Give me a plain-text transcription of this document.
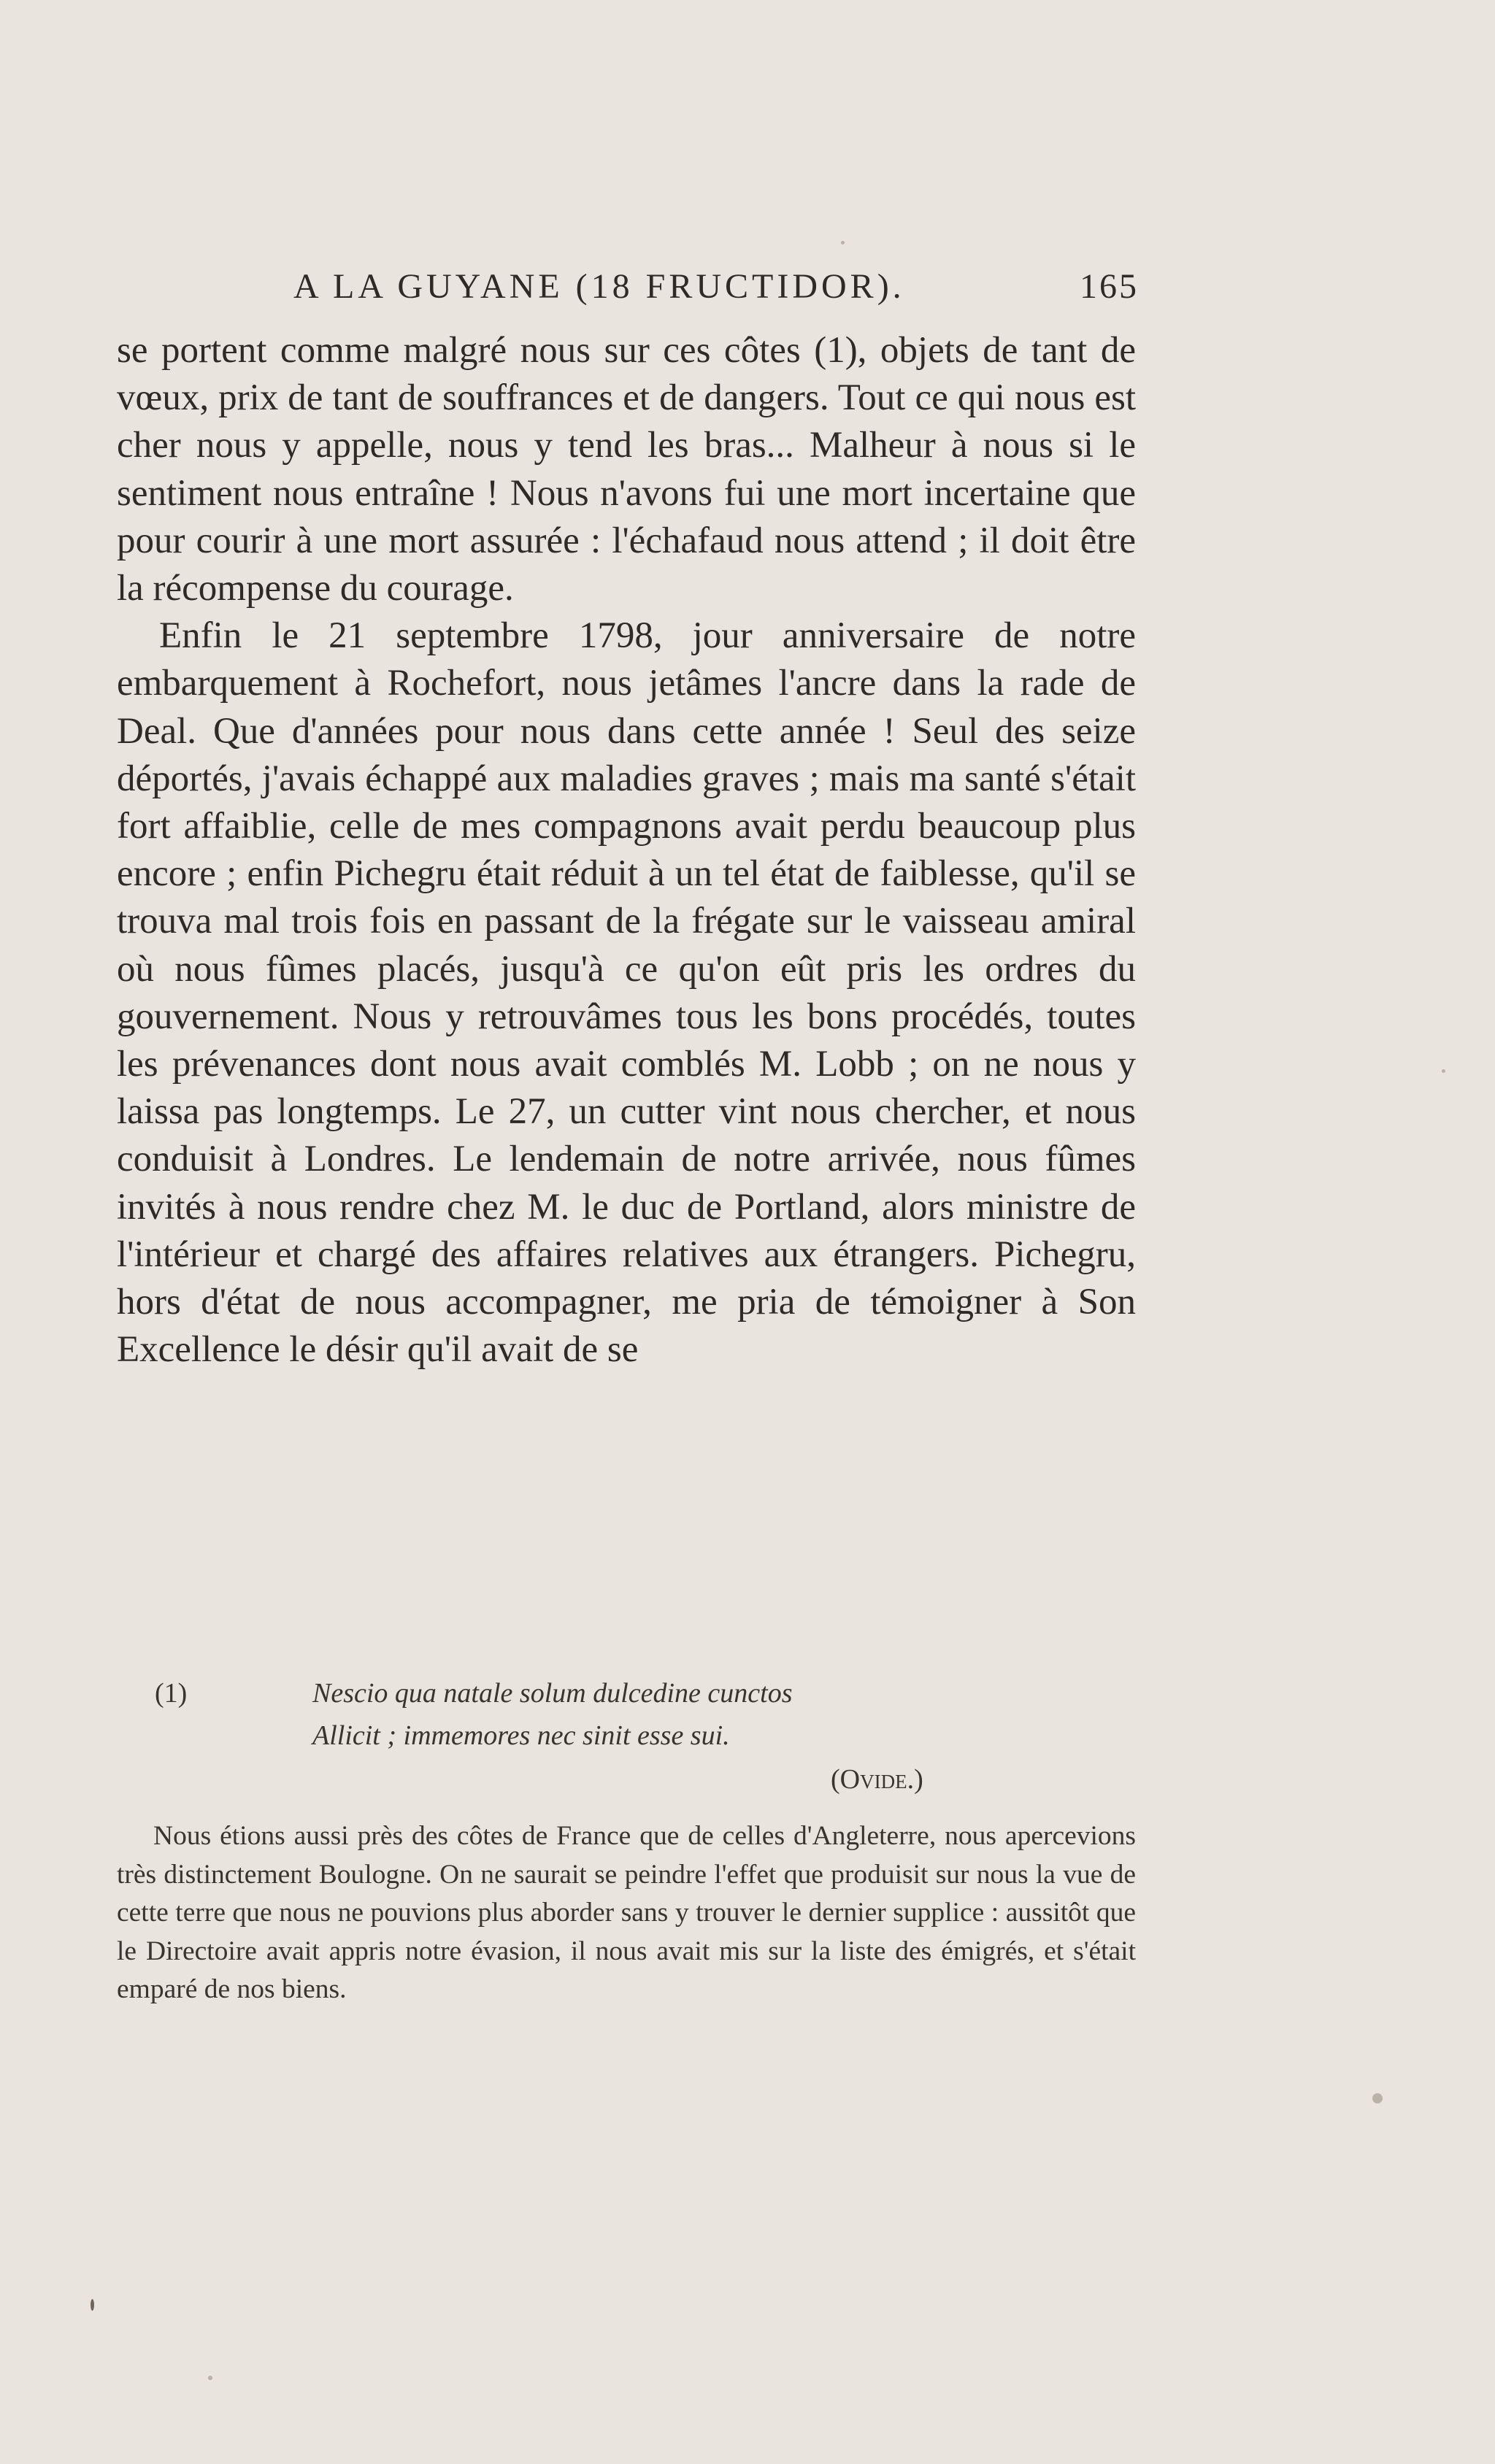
A LA GUYANE (18 FRUCTIDOR).	165

se portent comme malgré nous sur ces côtes (1), objets de tant de vœux, prix de tant de souffrances et de dangers. Tout ce qui nous est cher nous y appelle, nous y tend les bras... Malheur à nous si le sentiment nous entraîne ! Nous n'avons fui une mort incertaine que pour courir à une mort assurée : l'échafaud nous attend ; il doit être la récompense du courage.

Enfin le 21 septembre 1798, jour anniversaire de notre embarquement à Rochefort, nous jetâmes l'ancre dans la rade de Deal. Que d'années pour nous dans cette année ! Seul des seize déportés, j'avais échappé aux maladies graves ; mais ma santé s'était fort affaiblie, celle de mes compagnons avait perdu beaucoup plus encore ; enfin Pichegru était réduit à un tel état de faiblesse, qu'il se trouva mal trois fois en passant de la frégate sur le vaisseau amiral où nous fûmes placés, jusqu'à ce qu'on eût pris les ordres du gouvernement. Nous y retrouvâmes tous les bons procédés, toutes les prévenances dont nous avait comblés M. Lobb ; on ne nous y laissa pas longtemps. Le 27, un cutter vint nous chercher, et nous conduisit à Londres. Le lendemain de notre arrivée, nous fûmes invités à nous rendre chez M. le duc de Portland, alors ministre de l'intérieur et chargé des affaires relatives aux étrangers. Pichegru, hors d'état de nous accompagner, me pria de témoigner à Son Excellence le désir qu'il avait de se

(1)	Nescio qua natale solum dulcedine cunctos
Allicit ; immemores nec sinit esse sui.
(Ovide.)
Nous étions aussi près des côtes de France que de celles d'Angleterre, nous apercevions très distinctement Boulogne. On ne saurait se peindre l'effet que produisit sur nous la vue de cette terre que nous ne pouvions plus aborder sans y trouver le dernier supplice : aussitôt que le Directoire avait appris notre évasion, il nous avait mis sur la liste des émigrés, et s'était emparé de nos biens.
